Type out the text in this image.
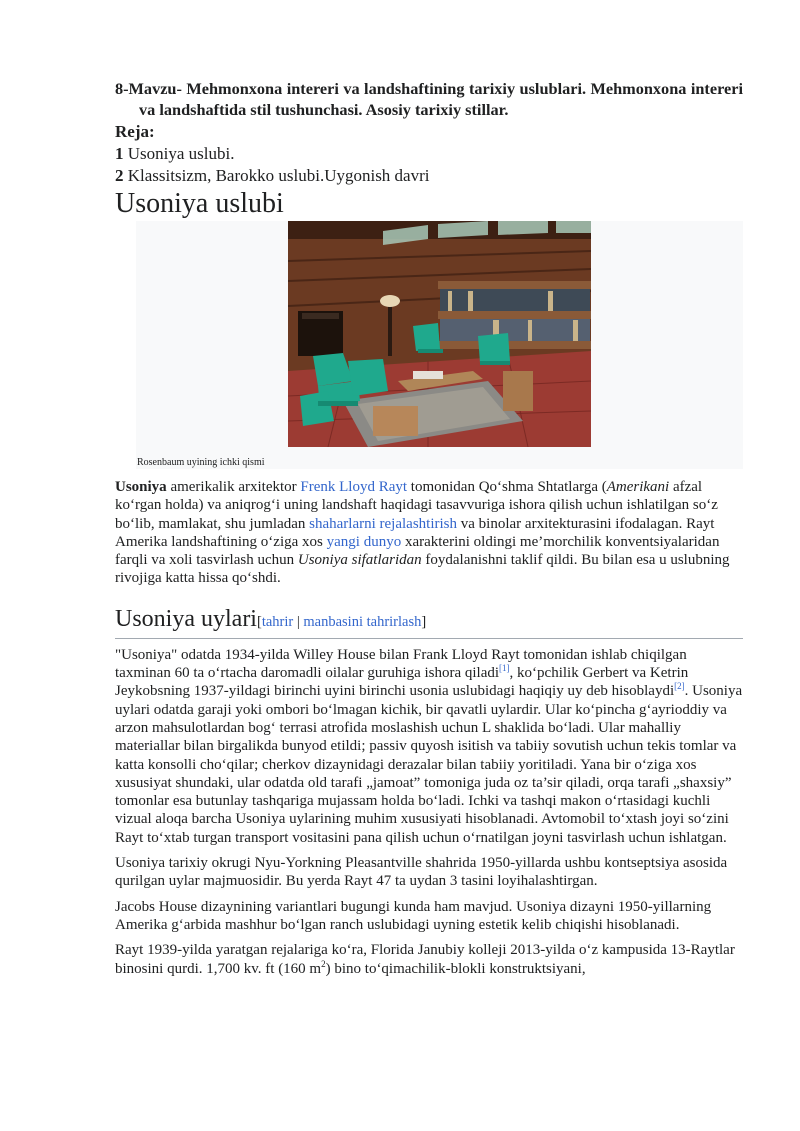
8-Mavzu- Mehmonxona intereri va landshaftining tarixiy uslublari. Mehmonxona intereri va landshaftida stil tushunchasi. Asosiy tarixiy stillar.

Reja:
1 Usoniya uslubi.
2 Klassitsizm, Barokko uslubi.Uygonish davri
Usoniya uslubi
Rosenbaum uyining ichki qismi

Usoniya amerikalik arxitektor Frenk Lloyd Rayt tomonidan Qo‘shma Shtatlarga (Amerikani afzal ko‘rgan holda) va aniqrog‘i uning landshaft haqidagi tasavvuriga ishora qilish uchun ishlatilgan so‘z bo‘lib, mamlakat, shu jumladan shaharlarni rejalashtirish va binolar arxitekturasini ifodalagan. Rayt Amerika landshaftining o‘ziga xos yangi dunyo xarakterini oldingi me’morchilik konventsiyalaridan farqli va xoli tasvirlash uchun Usoniya sifatlaridan foydalanishni taklif qildi. Bu bilan esa u uslubning rivojiga katta hissa qo‘shdi.

Usoniya uylari[tahrir | manbasini tahrirlash]

"Usoniya" odatda 1934-yilda Willey House bilan Frank Lloyd Rayt tomonidan ishlab chiqilgan taxminan 60 ta o‘rtacha daromadli oilalar guruhiga ishora qiladi[1], ko‘pchilik Gerbert va Ketrin Jeykobsning 1937-yildagi birinchi uyini birinchi usonia uslubidagi haqiqiy uy deb hisoblaydi[2]. Usoniya uylari odatda garaji yoki ombori bo‘lmagan kichik, bir qavatli uylardir. Ular ko‘pincha g‘ayrioddiy va arzon mahsulotlardan bog‘ terrasi atrofida moslashish uchun L shaklida bo‘ladi. Ular mahalliy materiallar bilan birgalikda bunyod etildi; passiv quyosh isitish va tabiiy sovutish uchun tekis tomlar va katta konsolli cho‘qilar; cherkov dizaynidagi derazalar bilan tabiiy yoritiladi. Yana bir o‘ziga xos xususiyat shundaki, ular odatda old tarafi „jamoat” tomoniga juda oz ta’sir qiladi, orqa tarafi „shaxsiy” tomonlar esa butunlay tashqariga mujassam holda bo‘ladi. Ichki va tashqi makon o‘rtasidagi kuchli vizual aloqa barcha Usoniya uylarining muhim xususiyati hisoblanadi. Avtomobil to‘xtash joyi so‘zini Rayt to‘xtab turgan transport vositasini pana qilish uchun o‘rnatilgan joyni tasvirlash uchun ishlatgan.

Usoniya tarixiy okrugi Nyu-Yorkning Pleasantville shahrida 1950-yillarda ushbu kontseptsiya asosida qurilgan uylar majmuosidir. Bu yerda Rayt 47 ta uydan 3 tasini loyihalashtirgan.

Jacobs House dizaynining variantlari bugungi kunda ham mavjud. Usoniya dizayni 1950-yillarning Amerika g‘arbida mashhur bo‘lgan ranch uslubidagi uyning estetik kelib chiqishi hisoblanadi.

Rayt 1939-yilda yaratgan rejalariga ko‘ra, Florida Janubiy kolleji 2013-yilda o‘z kampusida 13-Raytlar binosini qurdi. 1,700 kv. ft (160 $m^2$) bino to‘qimachilik-blokli konstruktsiyani,
